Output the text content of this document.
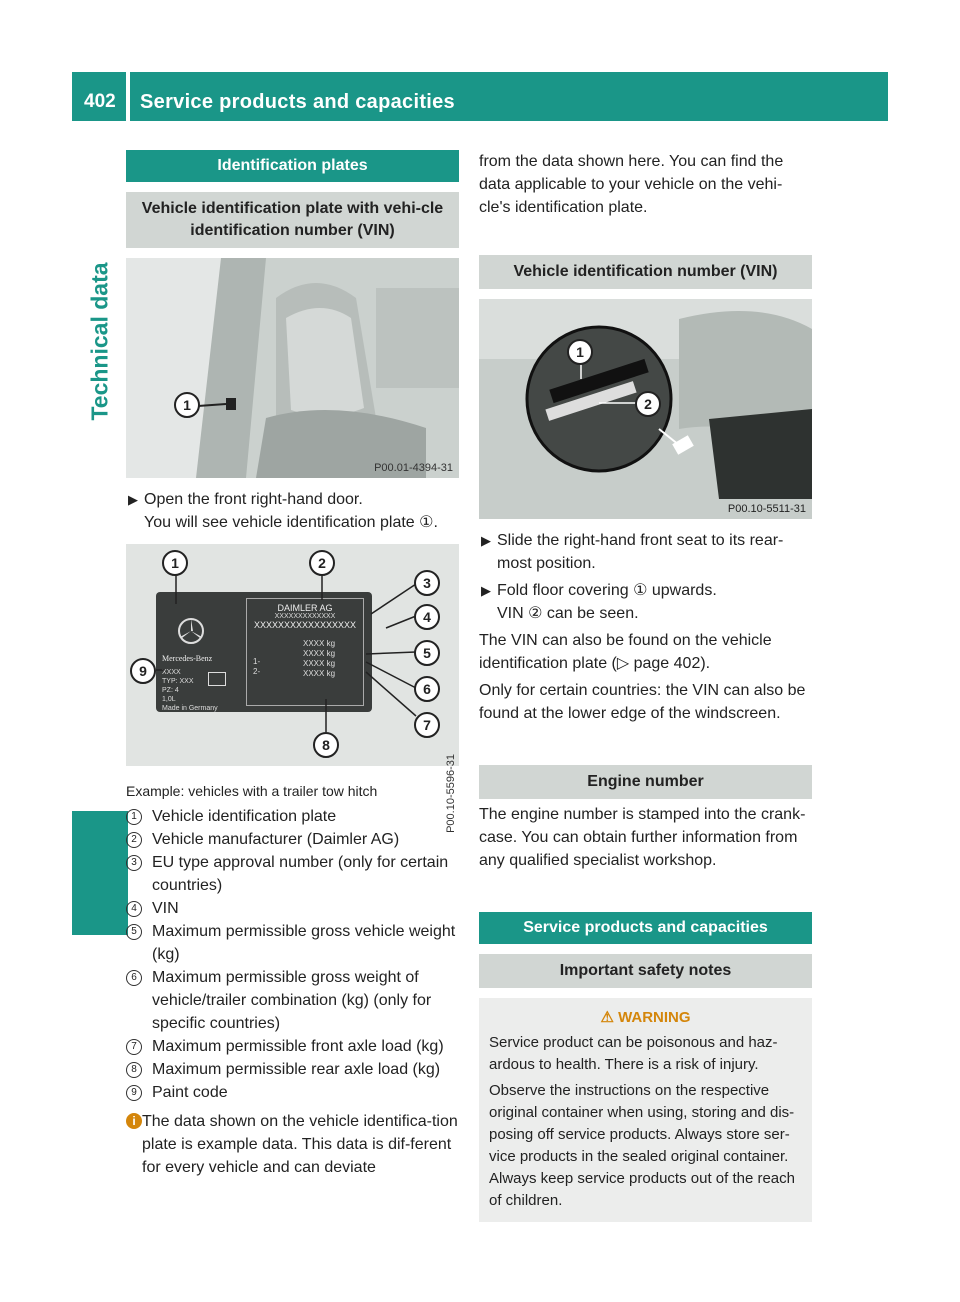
402	Service products and capacities
Technical data
Identification plates
Vehicle identification plate with vehi-cle identification number (VIN)
1
P00.01-4394-31

▶ Open the front right-hand door.

You will see vehicle identification plate ①.

Mercedes-Benz
XXXX
TYP: XXX
PZ: 4
1,0L
Made in Germany
DAIMLER AG
XXXXXXXXXXXXX
XXXXXXXXXXXXXXXXX
1-
2-
XXXX kg
XXXX kg
XXXX kg
XXXX kg
1	2
3
4
5
6
7
8
9
P00.10-5596-31

Example: vehicles with a trailer tow hitch

1 Vehicle identification plate
2 Vehicle manufacturer (Daimler AG)
3 EU type approval number (only for certain countries)
4 VIN
5 Maximum permissible gross vehicle weight (kg)
6 Maximum permissible gross weight of vehicle/trailer combination (kg) (only for specific countries)
7 Maximum permissible front axle load (kg)
8 Maximum permissible rear axle load (kg)
9 Paint code

i The data shown on the vehicle identifica-tion plate is example data. This data is dif-ferent for every vehicle and can deviate

from the data shown here. You can find the data applicable to your vehicle on the vehi-cle's identification plate.

Vehicle identification number (VIN)
1
2
P00.10-5511-31

▶ Slide the right-hand front seat to its rear-most position.

▶ Fold floor covering ① upwards.

VIN ② can be seen.

The VIN can also be found on the vehicle identification plate (▷ page 402).

Only for certain countries: the VIN can also be found at the lower edge of the windscreen.

Engine number

The engine number is stamped into the crank-case. You can obtain further information from any qualified specialist workshop.

Service products and capacities
Important safety notes
⚠ WARNING

Service product can be poisonous and haz-ardous to health. There is a risk of injury.

Observe the instructions on the respective original container when using, storing and dis-posing off service products. Always store ser-vice products in the sealed original container. Always keep service products out of the reach of children.
